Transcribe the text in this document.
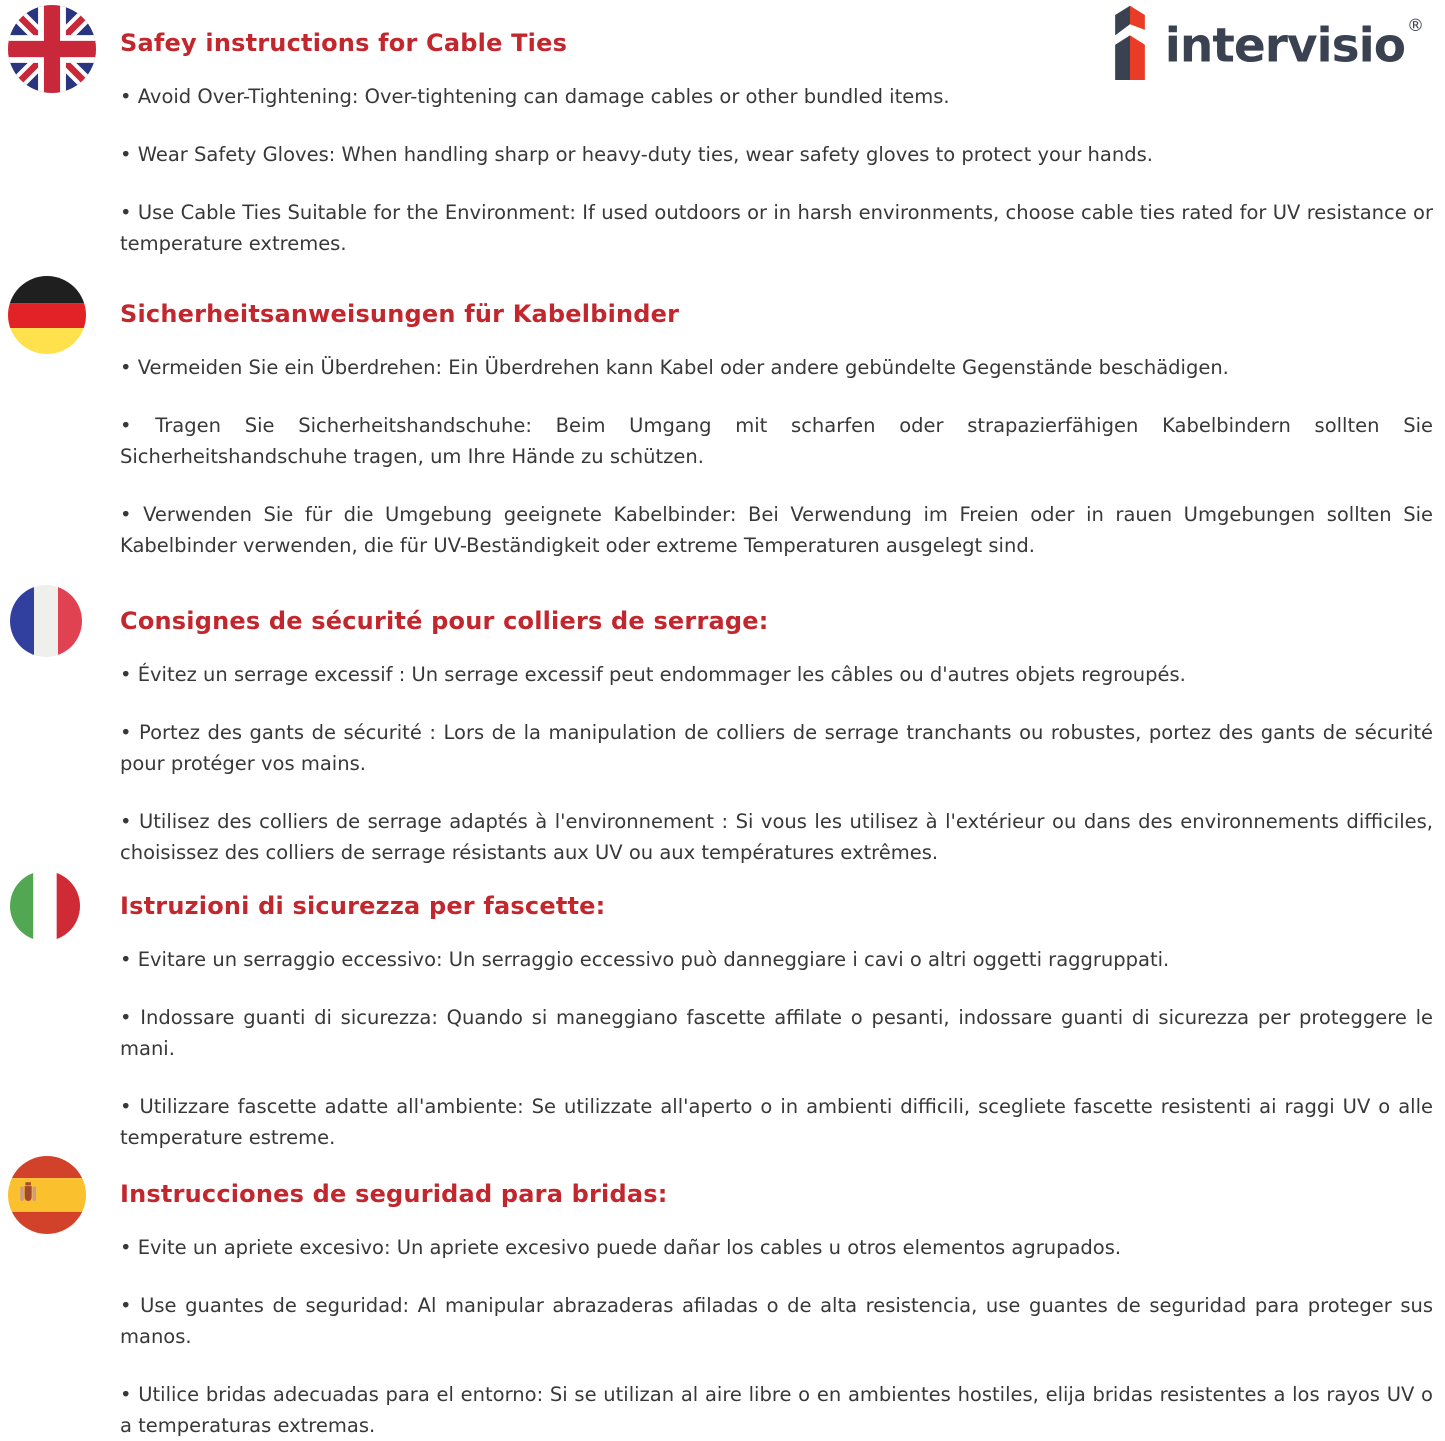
intervisio ®
Safey instructions for Cable Ties

• Avoid Over-Tightening: Over-tightening can damage cables or other bundled items.

• Wear Safety Gloves: When handling sharp or heavy-duty ties, wear safety gloves to protect your hands.

• Use Cable Ties Suitable for the Environment: If used outdoors or in harsh environments, choose cable ties rated for UV resistance or temperature extremes.

Sicherheitsanweisungen für Kabelbinder

• Vermeiden Sie ein Überdrehen: Ein Überdrehen kann Kabel oder andere gebündelte Gegenstände beschädigen.

• Tragen Sie Sicherheitshandschuhe: Beim Umgang mit scharfen oder strapazierfähigen Kabelbindern sollten Sie Sicherheitshandschuhe tragen, um Ihre Hände zu schützen.

• Verwenden Sie für die Umgebung geeignete Kabelbinder: Bei Verwendung im Freien oder in rauen Umgebungen sollten Sie Kabelbinder verwenden, die für UV-Beständigkeit oder extreme Temperaturen ausgelegt sind.

Consignes de sécurité pour colliers de serrage:

• Évitez un serrage excessif : Un serrage excessif peut endommager les câbles ou d'autres objets regroupés.

• Portez des gants de sécurité : Lors de la manipulation de colliers de serrage tranchants ou robustes, portez des gants de sécurité pour protéger vos mains.

• Utilisez des colliers de serrage adaptés à l'environnement : Si vous les utilisez à l'extérieur ou dans des environnements difficiles, choisissez des colliers de serrage résistants aux UV ou aux températures extrêmes.

Istruzioni di sicurezza per fascette:

• Evitare un serraggio eccessivo: Un serraggio eccessivo può danneggiare i cavi o altri oggetti raggruppati.

• Indossare guanti di sicurezza: Quando si maneggiano fascette affilate o pesanti, indossare guanti di sicurezza per proteggere le mani.

• Utilizzare fascette adatte all'ambiente: Se utilizzate all'aperto o in ambienti difficili, scegliete fascette resistenti ai raggi UV o alle temperature estreme.

Instrucciones de seguridad para bridas:

• Evite un apriete excesivo: Un apriete excesivo puede dañar los cables u otros elementos agrupados.

• Use guantes de seguridad: Al manipular abrazaderas afiladas o de alta resistencia, use guantes de seguridad para proteger sus manos.

• Utilice bridas adecuadas para el entorno: Si se utilizan al aire libre o en ambientes hostiles, elija bridas resistentes a los rayos UV o a temperaturas extremas.
